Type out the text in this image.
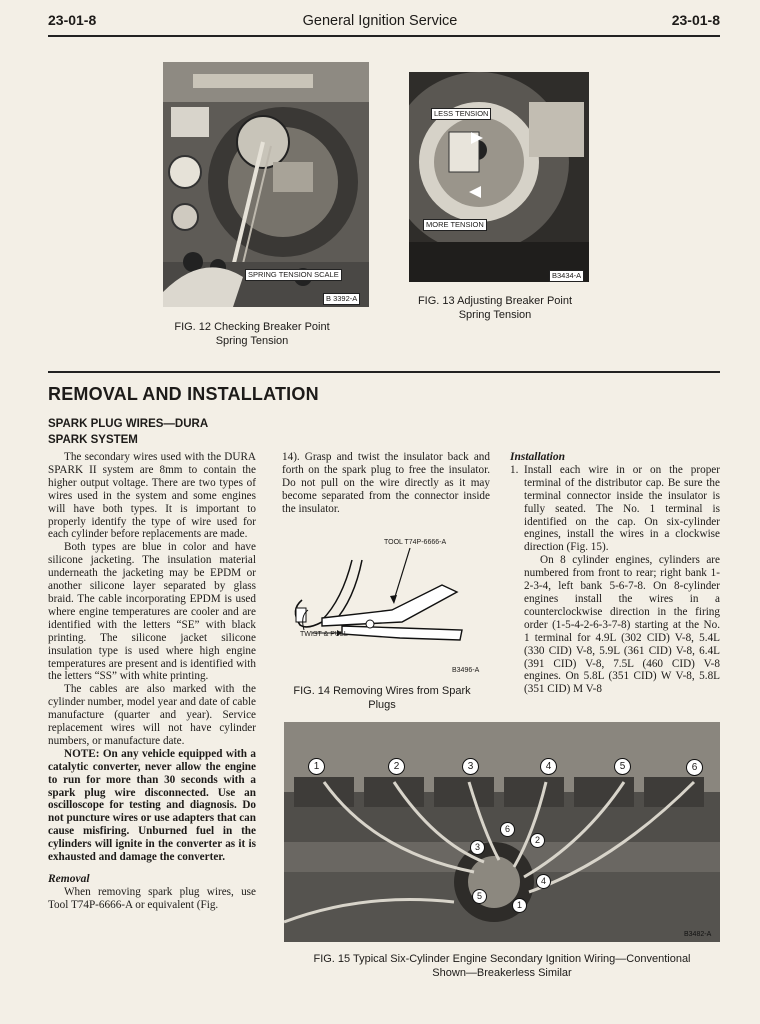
23-01-8	General Ignition Service	23-01-8
SPRING TENSION SCALE
B 3392-A
FIG. 12 Checking Breaker Point
Spring Tension
LESS TENSION
MORE TENSION
B3434-A
FIG. 13 Adjusting Breaker Point
Spring Tension
REMOVAL AND INSTALLATION
SPARK PLUG WIRES—DURA
SPARK SYSTEM

The secondary wires used with the DURA SPARK II system are 8mm to contain the higher output voltage. There are two types of wires used in the system and some engines will have both types. It is important to properly identify the type of wire used for each cylinder before replacements are made.

Both types are blue in color and have silicone jacketing. The insulation material underneath the jacketing may be EPDM or another silicone layer separated by glass braid. The cable incorporating EPDM is used where engine temperatures are cooler and are identified with the letters “SE” with black printing. The silicone jacket silicone insulation type is used where high engine temperatures are present and is identified with the letters “SS” with white printing.

The cables are also marked with the cylinder number, model year and date of cable manufacture (quarter and year). Service replacement wires will not have cylinder numbers, or manufacture date.

NOTE: On any vehicle equipped with a catalytic converter, never allow the engine to run for more than 30 seconds with a spark plug wire disconnected. Use an oscilloscope for testing and diagnosis. Do not puncture wires or use adapters that can cause misfiring. Unburned fuel in the cylinders will ignite in the converter as it is exhausted and damage the converter.

Removal

When removing spark plug wires, use Tool T74P-6666-A or equivalent (Fig.

14). Grasp and twist the insulator back and forth on the spark plug to free the insulator. Do not pull on the wire directly as it may become separated from the connector inside the insulator.

TOOL T74P-6666-A
TWIST & PULL
B3496-A
FIG. 14 Removing Wires from Spark
Plugs

Installation

1. Install each wire in or on the proper terminal of the distributor cap. Be sure the terminal connector inside the insulator is fully seated. The No. 1 terminal is identified on the cap. On six-cylinder engines, install the wires in a clockwise direction (Fig. 15).

On 8 cylinder engines, cylinders are numbered from front to rear; right bank 1-2-3-4, left bank 5-6-7-8. On 8-cylinder engines install the wires in a counterclockwise direction in the firing order (1-5-4-2-6-3-7-8) starting at the No. 1 terminal for 4.9L (302 CID) V-8, 5.4L (330 CID) V-8, 5.9L (361 CID) V-8, 6.4L (391 CID) V-8, 7.5L (460 CID) V-8 engines. On 5.8L (351 CID) W V-8, 5.8L (351 CID) M V-8

1	2	3	4	5	6
6
2
3
4
5
1
B3482-A
FIG. 15 Typical Six-Cylinder Engine Secondary Ignition Wiring—Conventional
Shown—Breakerless Similar
